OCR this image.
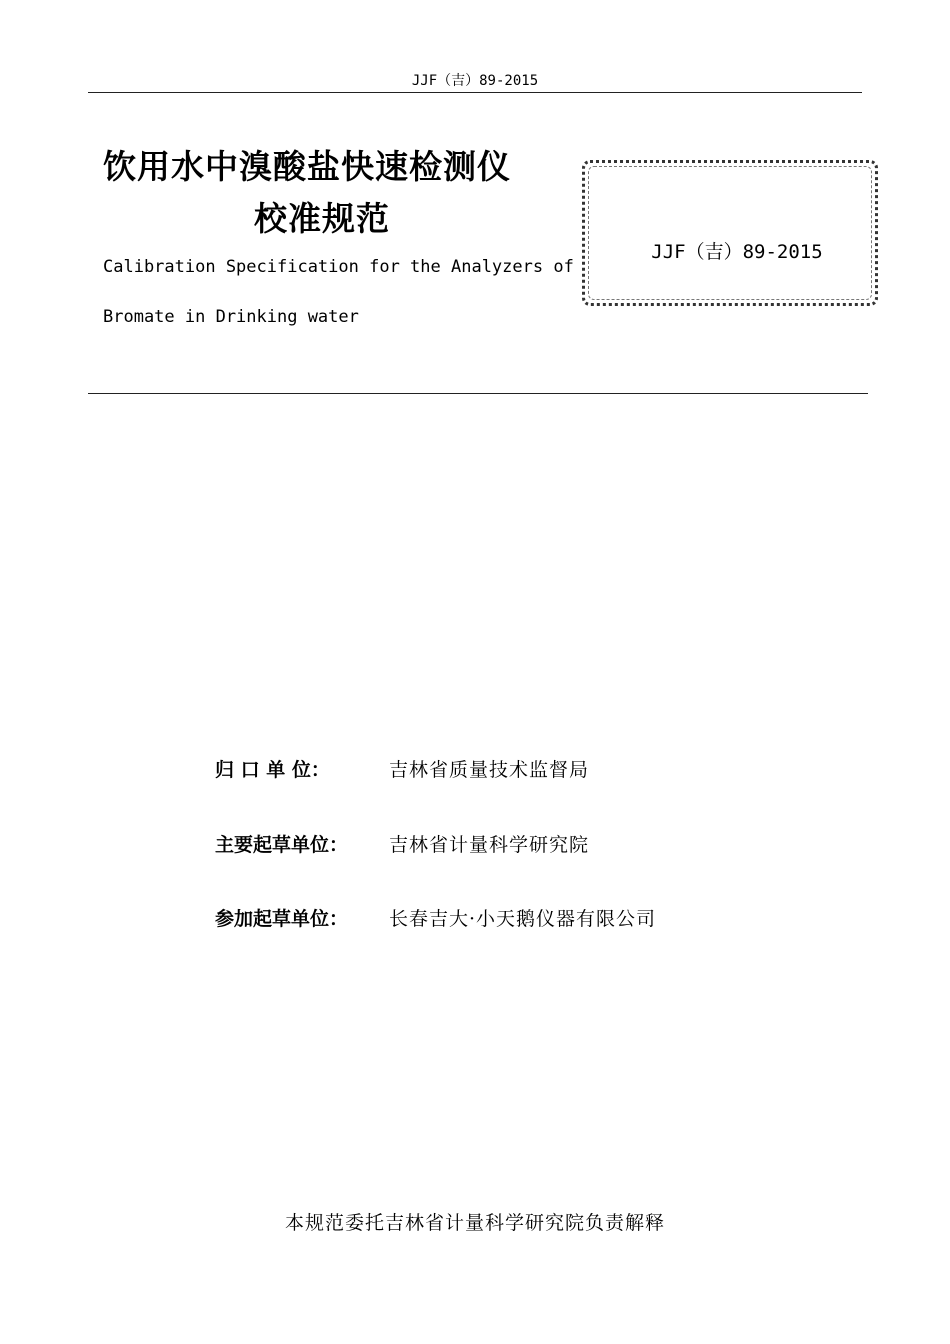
JJF（吉）89-2015
饮用水中溴酸盐快速检测仪
校准规范
Calibration Specification for the Analyzers of
Bromate in Drinking water
JJF（吉）89-2015
归 口 单 位：	吉林省质量技术监督局
主要起草单位： 吉林省计量科学研究院
参加起草单位： 长春吉大·小天鹅仪器有限公司
本规范委托吉林省计量科学研究院负责解释
